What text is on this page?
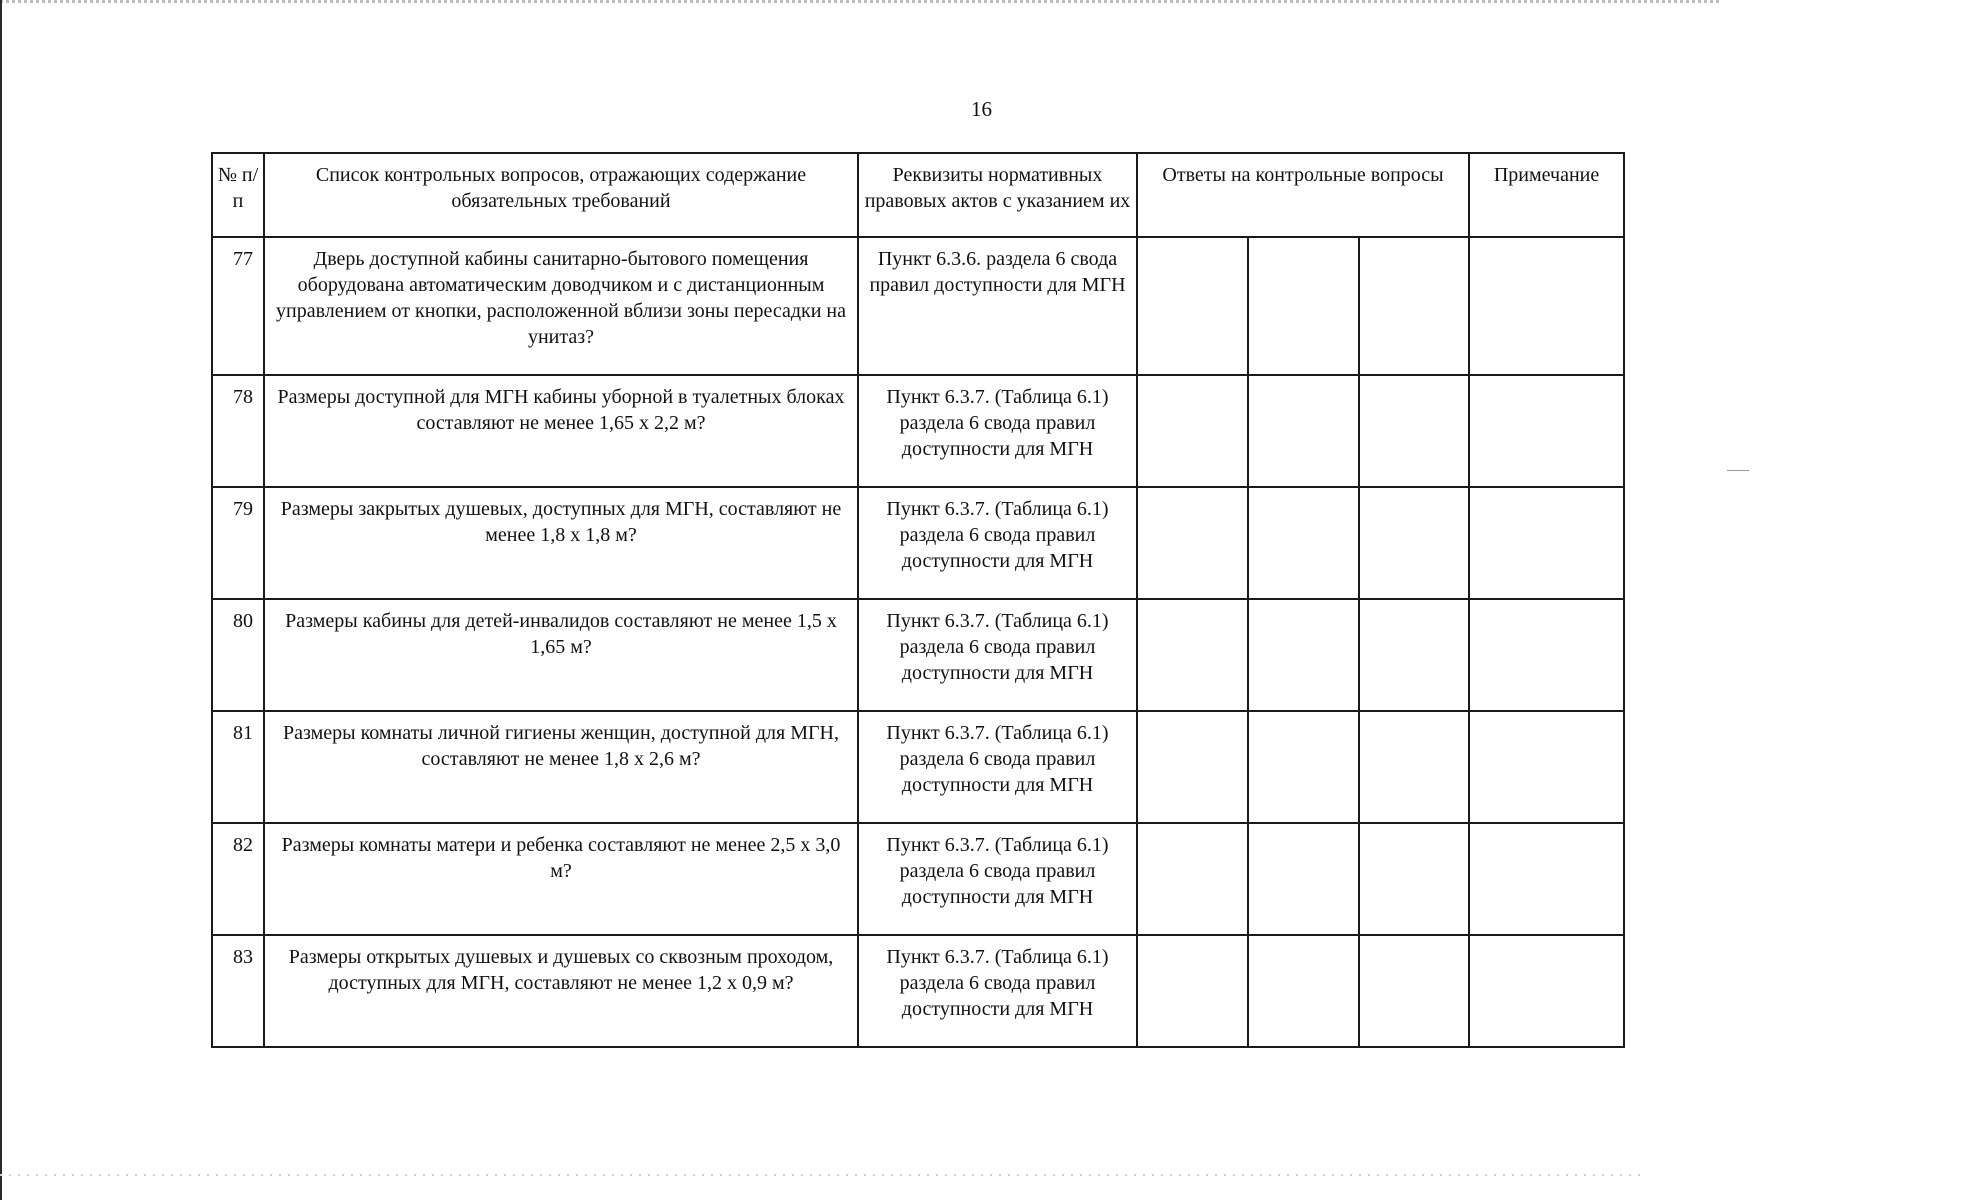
16
№ п/п	Список контрольных вопросов, отражающих содержание обязательных требований	Реквизиты нормативных правовых актов с указанием их	Ответы на контрольные вопросы			Примечание
77	Дверь доступной кабины санитарно-бытового помещения оборудована автоматическим доводчиком и с дистанционным управлением от кнопки, расположенной вблизи зоны пересадки на унитаз?	Пункт 6.3.6. раздела 6 свода правил доступности для МГН				
78	Размеры доступной для МГН кабины уборной в туалетных блоках составляют не менее 1,65 х 2,2 м?	Пункт 6.3.7. (Таблица 6.1) раздела 6 свода правил доступности для МГН				
79	Размеры закрытых душевых, доступных для МГН, составляют не менее 1,8 х 1,8 м?	Пункт 6.3.7. (Таблица 6.1) раздела 6 свода правил доступности для МГН				
80	Размеры кабины для детей-инвалидов составляют не менее 1,5 х 1,65 м?	Пункт 6.3.7. (Таблица 6.1) раздела 6 свода правил доступности для МГН				
81	Размеры комнаты личной гигиены женщин, доступной для МГН, составляют не менее 1,8 х 2,6 м?	Пункт 6.3.7. (Таблица 6.1) раздела 6 свода правил доступности для МГН				
82	Размеры комнаты матери и ребенка составляют не менее 2,5 х 3,0 м?	Пункт 6.3.7. (Таблица 6.1) раздела 6 свода правил доступности для МГН				
83	Размеры открытых душевых и душевых со сквозным проходом, доступных для МГН, составляют не менее 1,2 х 0,9 м?	Пункт 6.3.7. (Таблица 6.1) раздела 6 свода правил доступности для МГН				
